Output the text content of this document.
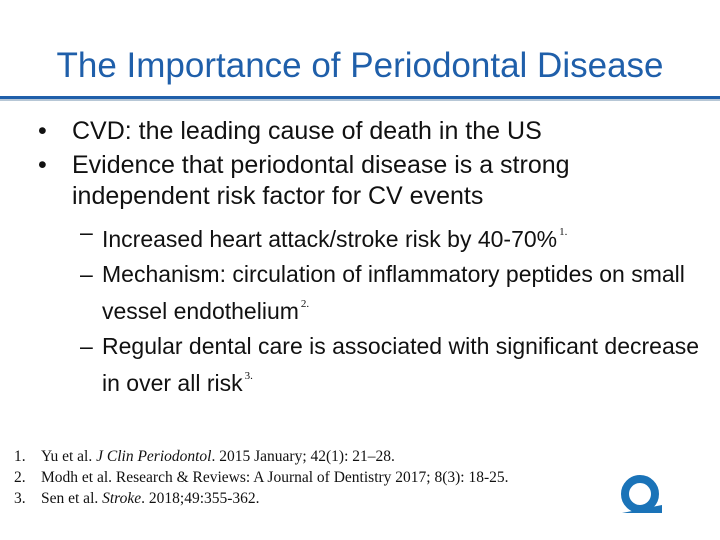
The Importance of Periodontal Disease
• CVD: the leading cause of death in the US
• Evidence that periodontal disease is a strong independent risk factor for CV events
– Increased heart attack/stroke risk by 40-70% $^{1.}$
– Mechanism: circulation of inflammatory peptides on small vessel endothelium $^{2.}$
– Regular dental care is associated with significant decrease in over all risk $^{3.}$
1. Yu et al. J Clin Periodontol. 2015 January; 42(1): 21–28.
2. Modh et al. Research & Reviews: A Journal of Dentistry 2017; 8(3): 18-25.
3. Sen et al. Stroke. 2018;49:355-362.
